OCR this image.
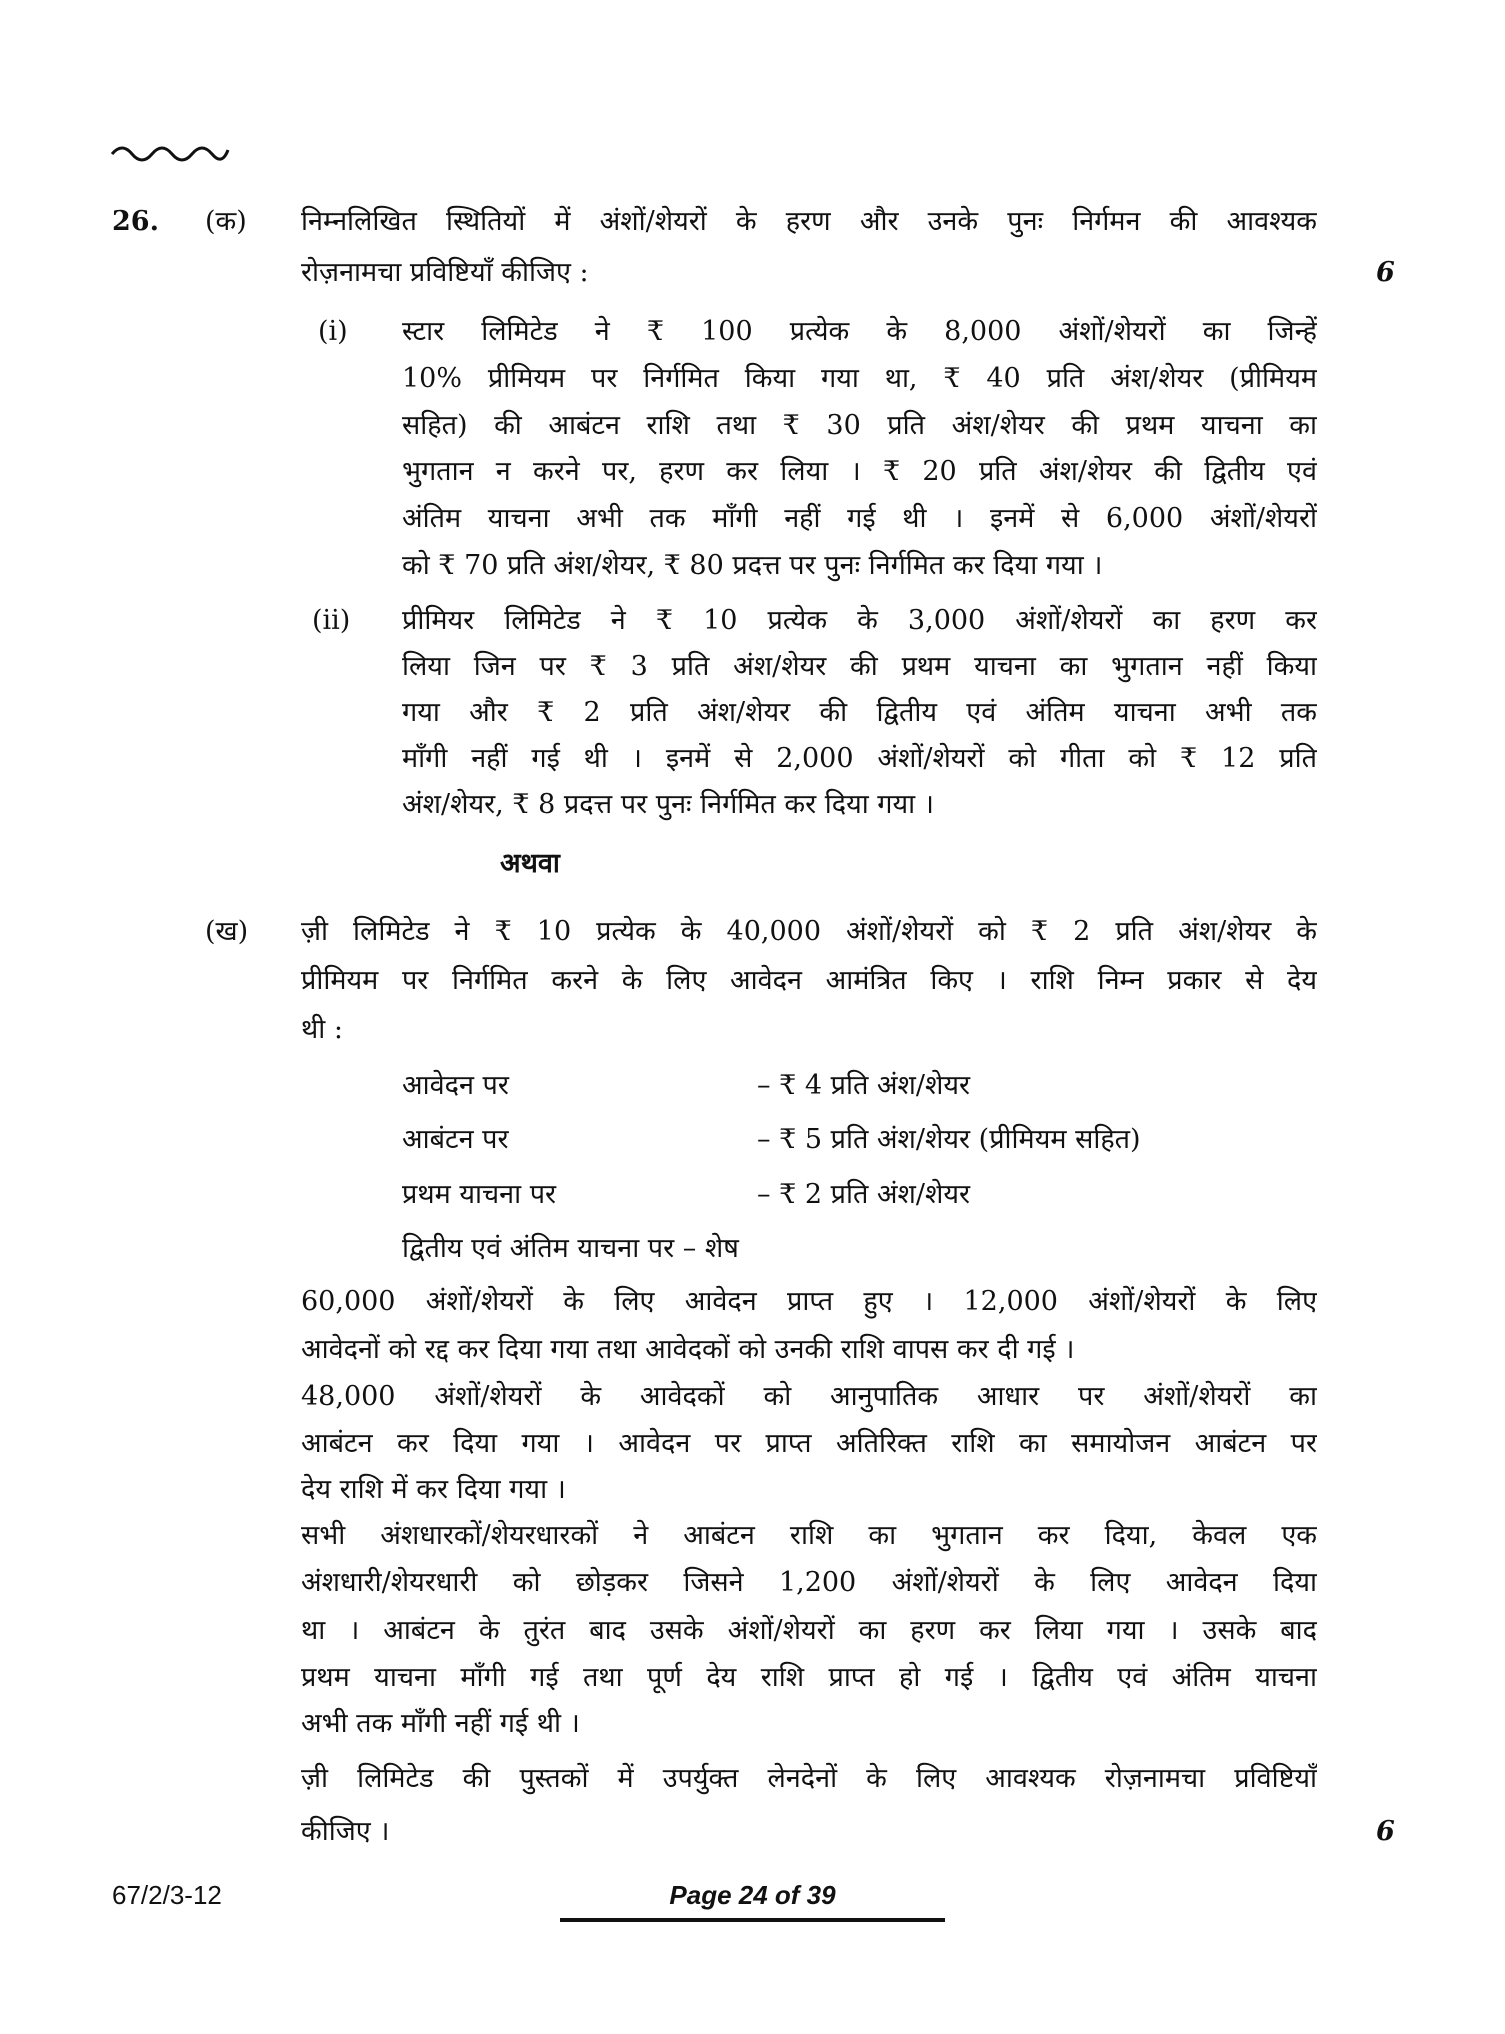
26. (क) निम्नलिखित स्थितियों में अंशों/शेयरों के हरण और उनके पुनः निर्गमन की आवश्यक
रोज़नामचा प्रविष्टियाँ कीजिए :	6
(i) स्टार लिमिटेड ने ₹ 100 प्रत्येक के 8,000 अंशों/शेयरों का जिन्हें
10% प्रीमियम पर निर्गमित किया गया था, ₹ 40 प्रति अंश/शेयर (प्रीमियम
सहित) की आबंटन राशि तथा ₹ 30 प्रति अंश/शेयर की प्रथम याचना का
भुगतान न करने पर, हरण कर लिया । ₹ 20 प्रति अंश/शेयर की द्वितीय एवं
अंतिम याचना अभी तक माँगी नहीं गई थी । इनमें से 6,000 अंशों/शेयरों
को ₹ 70 प्रति अंश/शेयर, ₹ 80 प्रदत्त पर पुनः निर्गमित कर दिया गया ।
(ii) प्रीमियर लिमिटेड ने ₹ 10 प्रत्येक के 3,000 अंशों/शेयरों का हरण कर
लिया जिन पर ₹ 3 प्रति अंश/शेयर की प्रथम याचना का भुगतान नहीं किया
गया और ₹ 2 प्रति अंश/शेयर की द्वितीय एवं अंतिम याचना अभी तक
माँगी नहीं गई थी । इनमें से 2,000 अंशों/शेयरों को गीता को ₹ 12 प्रति
अंश/शेयर, ₹ 8 प्रदत्त पर पुनः निर्गमित कर दिया गया ।
अथवा
(ख) ज़ी लिमिटेड ने ₹ 10 प्रत्येक के 40,000 अंशों/शेयरों को ₹ 2 प्रति अंश/शेयर के
प्रीमियम पर निर्गमित करने के लिए आवेदन आमंत्रित किए । राशि निम्न प्रकार से देय
थी :
आवेदन पर	– ₹ 4 प्रति अंश/शेयर
आबंटन पर	– ₹ 5 प्रति अंश/शेयर (प्रीमियम सहित)
प्रथम याचना पर	– ₹ 2 प्रति अंश/शेयर
द्वितीय एवं अंतिम याचना पर – शेष
60,000 अंशों/शेयरों के लिए आवेदन प्राप्त हुए । 12,000 अंशों/शेयरों के लिए
आवेदनों को रद्द कर दिया गया तथा आवेदकों को उनकी राशि वापस कर दी गई ।
48,000 अंशों/शेयरों के आवेदकों को आनुपातिक आधार पर अंशों/शेयरों का
आबंटन कर दिया गया । आवेदन पर प्राप्त अतिरिक्त राशि का समायोजन आबंटन पर
देय राशि में कर दिया गया ।
सभी अंशधारकों/शेयरधारकों ने आबंटन राशि का भुगतान कर दिया, केवल एक
अंशधारी/शेयरधारी को छोड़कर जिसने 1,200 अंशों/शेयरों के लिए आवेदन दिया
था । आबंटन के तुरंत बाद उसके अंशों/शेयरों का हरण कर लिया गया । उसके बाद
प्रथम याचना माँगी गई तथा पूर्ण देय राशि प्राप्त हो गई । द्वितीय एवं अंतिम याचना
अभी तक माँगी नहीं गई थी ।
ज़ी लिमिटेड की पुस्तकों में उपर्युक्त लेनदेनों के लिए आवश्यक रोज़नामचा प्रविष्टियाँ
कीजिए ।	6
67/2/3-12	Page 24 of 39
